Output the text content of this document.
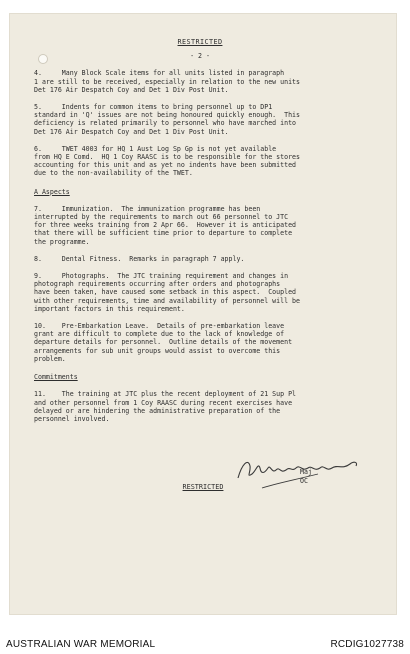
RESTRICTED
- 2 -
4.     Many Block Scale items for all units listed in paragraph
1 are still to be received, especially in relation to the new units
Det 176 Air Despatch Coy and Det 1 Div Post Unit.
5.     Indents for common items to bring personnel up to DP1
standard in 'Q' issues are not being honoured quickly enough.  This
deficiency is related primarily to personnel who have marched into
Det 176 Air Despatch Coy and Det 1 Div Post Unit.
6.     TWET 4003 for HQ 1 Aust Log Sp Gp is not yet available
from HQ E Comd.  HQ 1 Coy RAASC is to be responsible for the stores
accounting for this unit and as yet no indents have been submitted
due to the non-availability of the TWET.
A Aspects
7.     Immunization.  The immunization programme has been
interrupted by the requirements to march out 66 personnel to JTC
for three weeks training from 2 Apr 66.  However it is anticipated
that there will be sufficient time prior to departure to complete
the programme.
8.     Dental Fitness.  Remarks in paragraph 7 apply.
9.     Photographs.  The JTC training requirement and changes in
photograph requirements occurring after orders and photographs
have been taken, have caused some setback in this aspect.  Coupled
with other requirements, time and availability of personnel will be
important factors in this requirement.
10.    Pre-Embarkation Leave.  Details of pre-embarkation leave
grant are difficult to complete due to the lack of knowledge of
departure details for personnel.  Outline details of the movement
arrangements for sub unit groups would assist to overcome this
problem.
Commitments
11.    The training at JTC plus the recent deployment of 21 Sup Pl
and other personnel from 1 Coy RAASC during recent exercises have
delayed or are hindering the administrative preparation of the
personnel involved.
Maj
OC
RESTRICTED
AUSTRALIAN WAR MEMORIAL	RCDIG1027738
